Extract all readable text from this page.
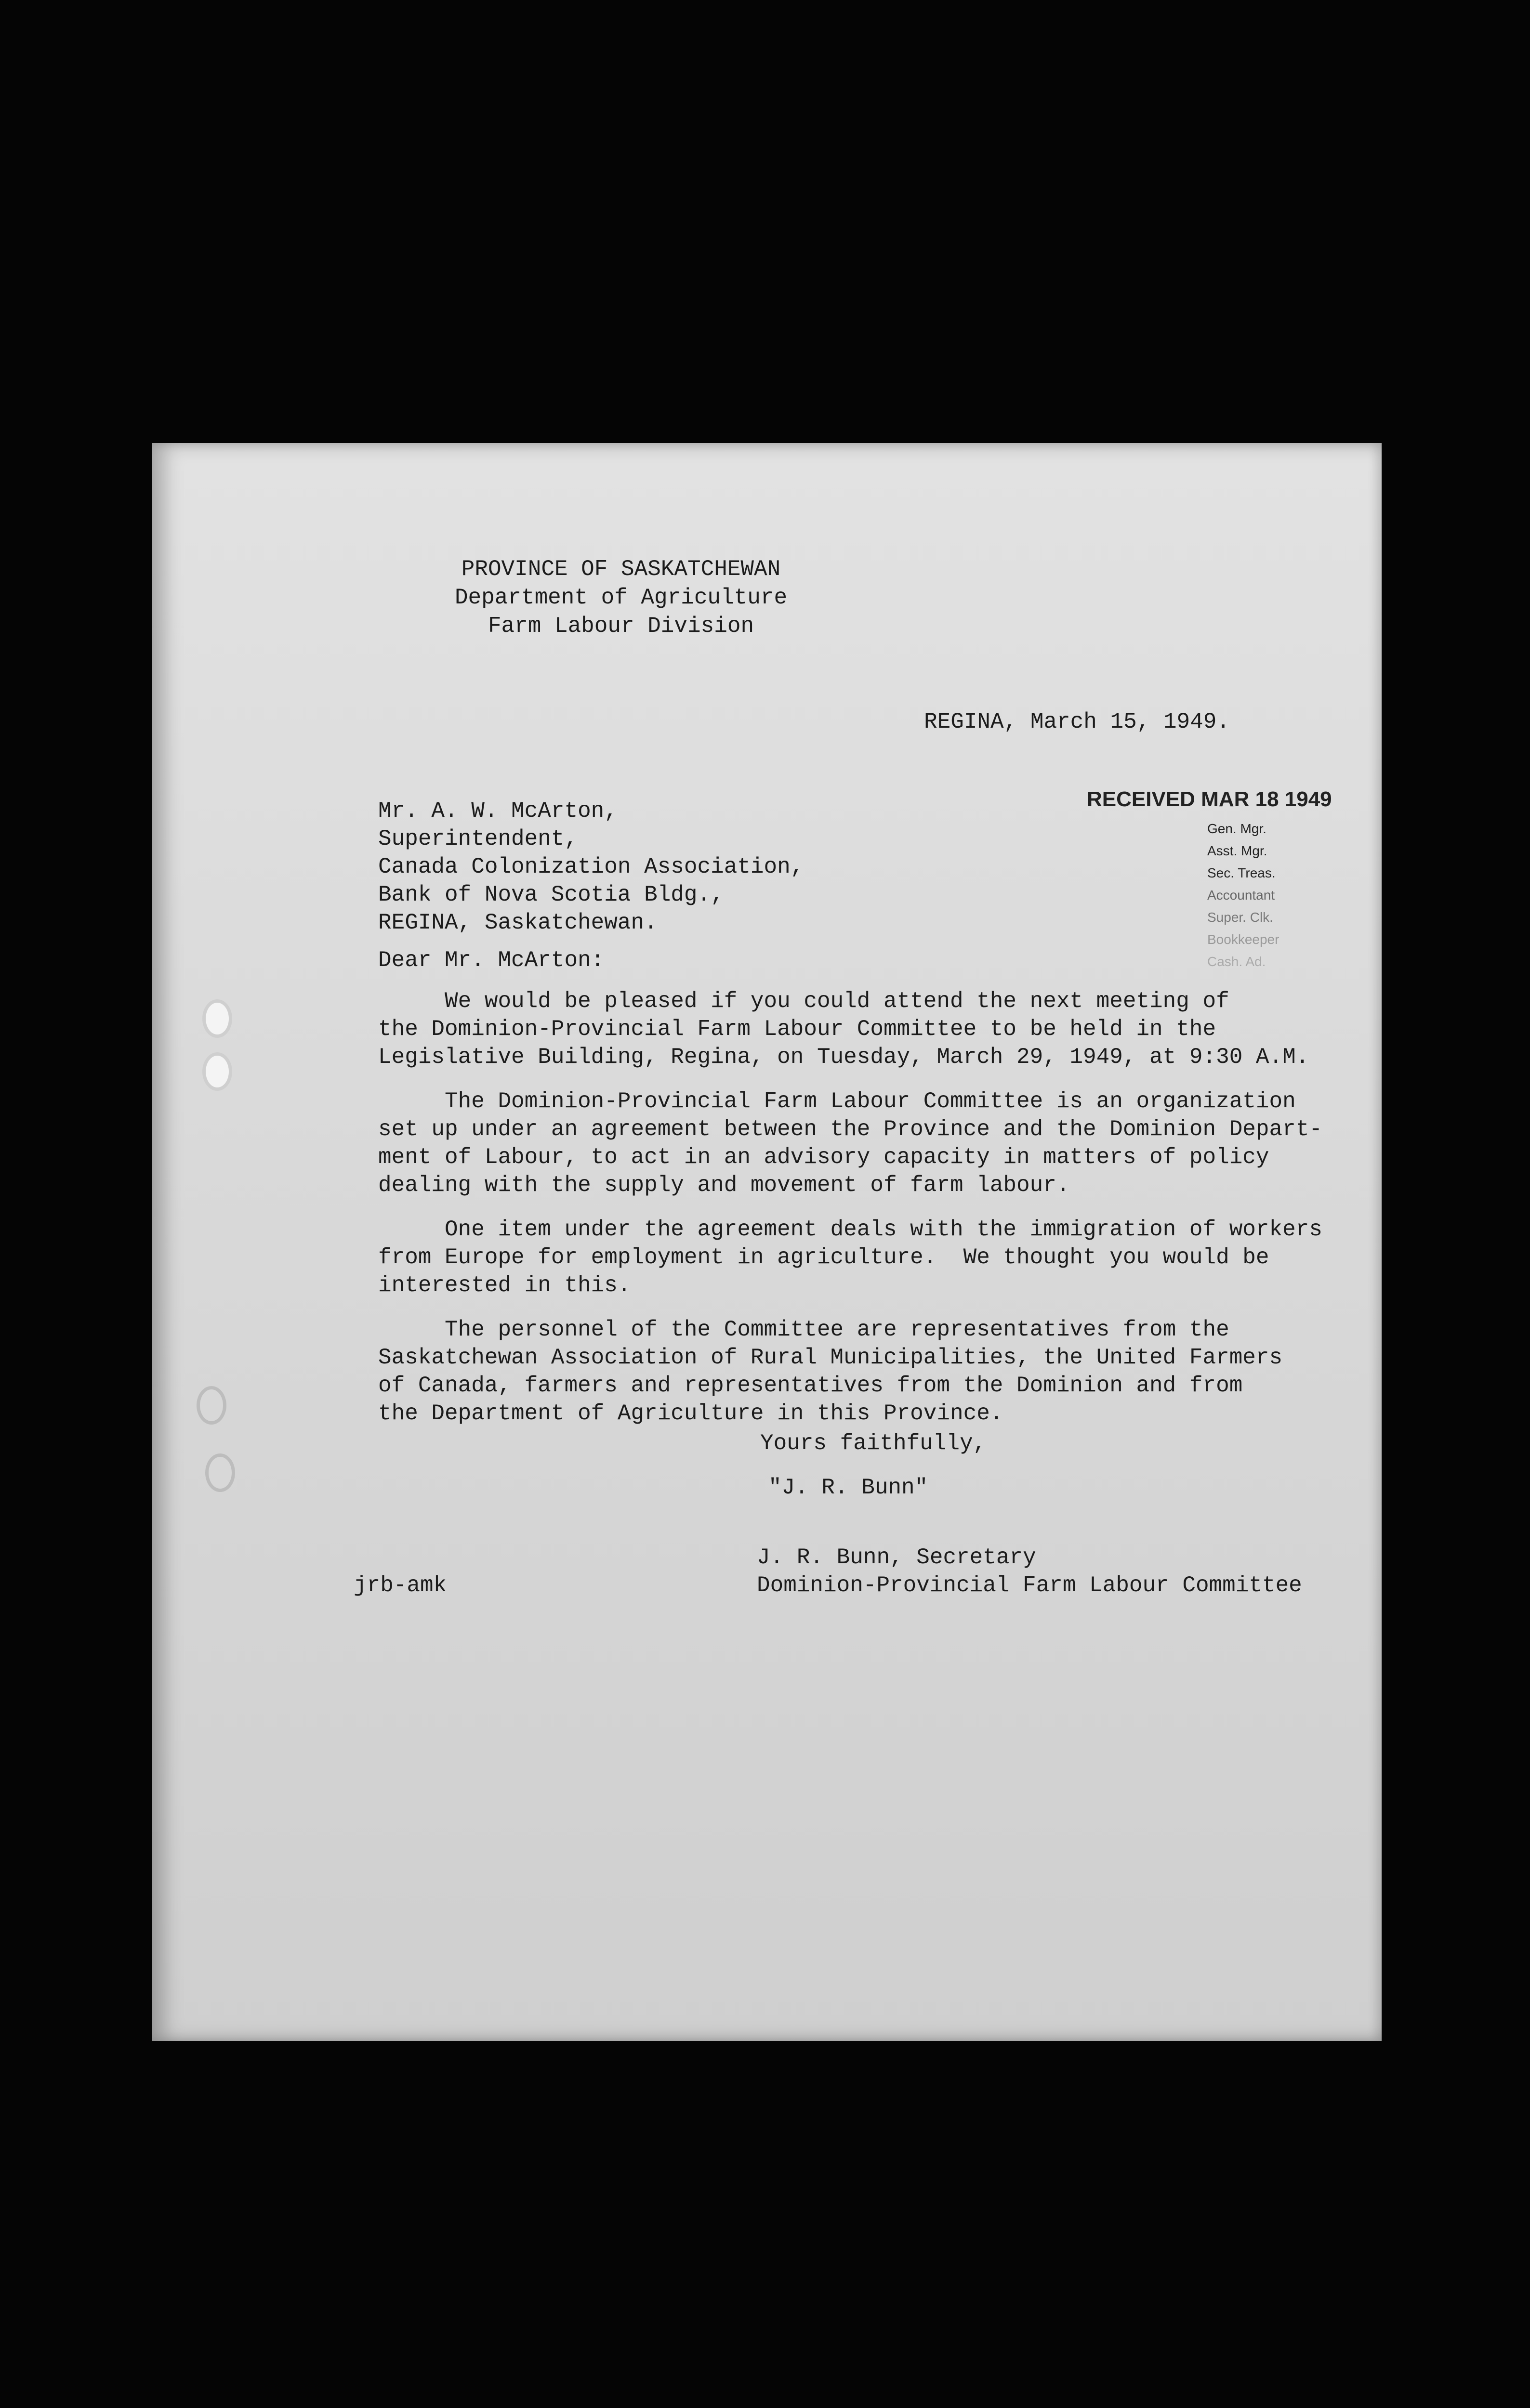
PROVINCE OF SASKATCHEWAN
Department of Agriculture
Farm Labour Division
REGINA, March 15, 1949.
Mr. A. W. McArton,
Superintendent,
Canada Colonization Association,
Bank of Nova Scotia Bldg.,
REGINA, Saskatchewan.
RECEIVED MAR 18 1949
Gen. Mgr.
Asst. Mgr.
Sec. Treas.
Accountant
Super. Clk.
Bookkeeper
Cash. Ad.
Dear Mr. McArton:
We would be pleased if you could attend the next meeting of
the Dominion-Provincial Farm Labour Committee to be held in the
Legislative Building, Regina, on Tuesday, March 29, 1949, at 9:30 A.M.
The Dominion-Provincial Farm Labour Committee is an organization
set up under an agreement between the Province and the Dominion Depart-
ment of Labour, to act in an advisory capacity in matters of policy
dealing with the supply and movement of farm labour.
One item under the agreement deals with the immigration of workers
from Europe for employment in agriculture.  We thought you would be
interested in this.
The personnel of the Committee are representatives from the
Saskatchewan Association of Rural Municipalities, the United Farmers
of Canada, farmers and representatives from the Dominion and from
the Department of Agriculture in this Province.
Yours faithfully,
"J. R. Bunn"
J. R. Bunn, Secretary
jrb-amk	Dominion-Provincial Farm Labour Committee
